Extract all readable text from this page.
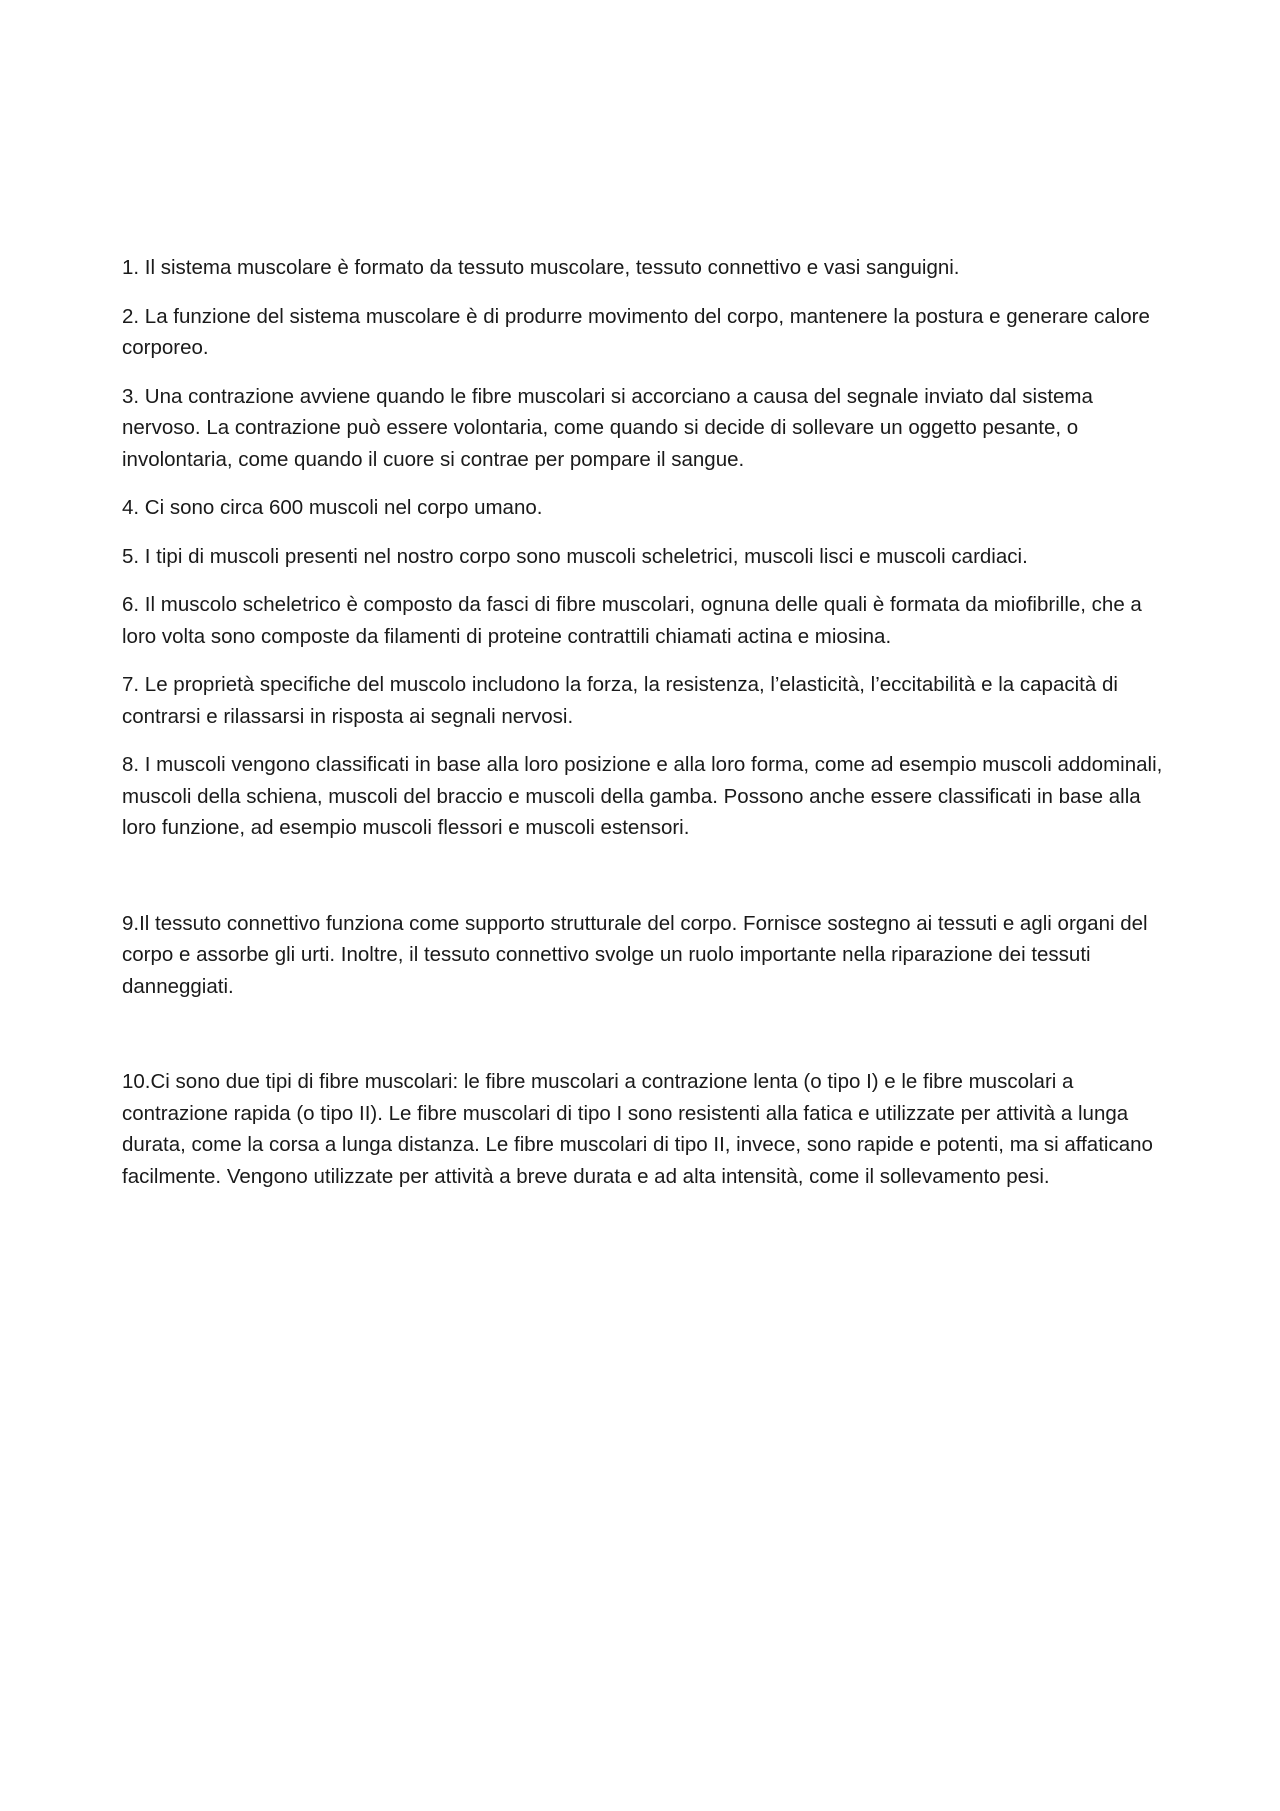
1. Il sistema muscolare è formato da tessuto muscolare, tessuto connettivo e vasi sanguigni.

2. La funzione del sistema muscolare è di produrre movimento del corpo, mantenere la postura e generare calore corporeo.

3. Una contrazione avviene quando le fibre muscolari si accorciano a causa del segnale inviato dal sistema nervoso. La contrazione può essere volontaria, come quando si decide di sollevare un oggetto pesante, o involontaria, come quando il cuore si contrae per pompare il sangue.

4. Ci sono circa 600 muscoli nel corpo umano.

5. I tipi di muscoli presenti nel nostro corpo sono muscoli scheletrici, muscoli lisci e muscoli cardiaci.

6. Il muscolo scheletrico è composto da fasci di fibre muscolari, ognuna delle quali è formata da miofibrille, che a loro volta sono composte da filamenti di proteine contrattili chiamati actina e miosina.

7. Le proprietà specifiche del muscolo includono la forza, la resistenza, l’elasticità, l’eccitabilità e la capacità di contrarsi e rilassarsi in risposta ai segnali nervosi.

8. I muscoli vengono classificati in base alla loro posizione e alla loro forma, come ad esempio muscoli addominali, muscoli della schiena, muscoli del braccio e muscoli della gamba. Possono anche essere classificati in base alla loro funzione, ad esempio muscoli flessori e muscoli estensori.

9.Il tessuto connettivo funziona come supporto strutturale del corpo. Fornisce sostegno ai tessuti e agli organi del corpo e assorbe gli urti. Inoltre, il tessuto connettivo svolge un ruolo importante nella riparazione dei tessuti danneggiati.

10.Ci sono due tipi di fibre muscolari: le fibre muscolari a contrazione lenta (o tipo I) e le fibre muscolari a contrazione rapida (o tipo II). Le fibre muscolari di tipo I sono resistenti alla fatica e utilizzate per attività a lunga durata, come la corsa a lunga distanza. Le fibre muscolari di tipo II, invece, sono rapide e potenti, ma si affaticano facilmente. Vengono utilizzate per attività a breve durata e ad alta intensità, come il sollevamento pesi.
